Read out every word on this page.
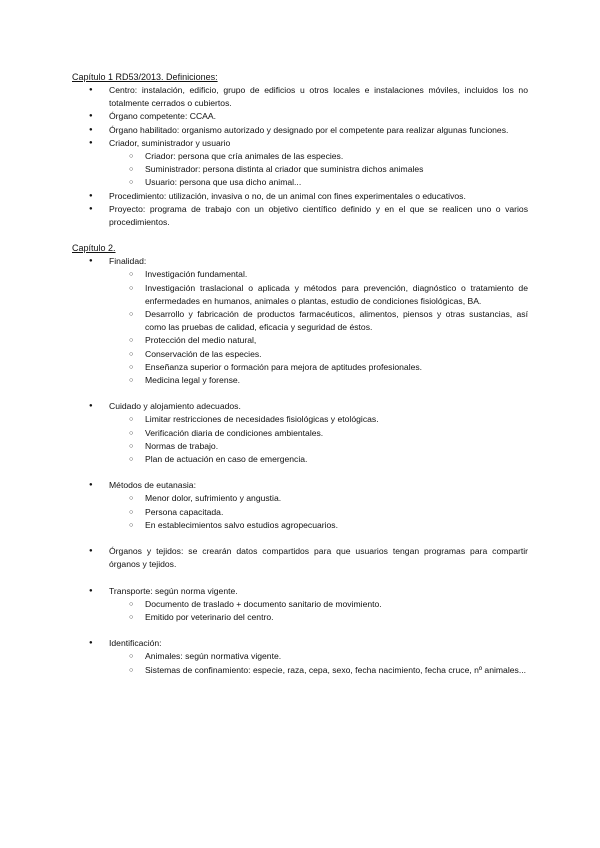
Capítulo 1 RD53/2013. Definiciones:

● Centro: instalación, edificio, grupo de edificios u otros locales e instalaciones móviles, incluidos los no totalmente cerrados o cubiertos.
● Órgano competente: CCAA.
● Órgano habilitado: organismo autorizado y designado por el competente para realizar algunas funciones.
● Criador, suministrador y usuario
○ Criador: persona que cría animales de las especies.
○ Suministrador: persona distinta al criador que suministra dichos animales
○ Usuario: persona que usa dicho animal...
● Procedimiento: utilización, invasiva o no, de un animal con fines experimentales o educativos.
● Proyecto: programa de trabajo con un objetivo científico definido y en el que se realicen uno o varios procedimientos.

Capítulo 2.

● Finalidad:
○ Investigación fundamental.
○ Investigación traslacional o aplicada y métodos para prevención, diagnóstico o tratamiento de enfermedades en humanos, animales o plantas, estudio de condiciones fisiológicas, BA.
○ Desarrollo y fabricación de productos farmacéuticos, alimentos, piensos y otras sustancias, así como las pruebas de calidad, eficacia y seguridad de éstos.
○ Protección del medio natural,
○ Conservación de las especies.
○ Enseñanza superior o formación para mejora de aptitudes profesionales.
○ Medicina legal y forense.
● Cuidado y alojamiento adecuados.
○ Limitar restricciones de necesidades fisiológicas y etológicas.
○ Verificación diaria de condiciones ambientales.
○ Normas de trabajo.
○ Plan de actuación en caso de emergencia.
● Métodos de eutanasia:
○ Menor dolor, sufrimiento y angustia.
○ Persona capacitada.
○ En establecimientos salvo estudios agropecuarios.
● Órganos y tejidos: se crearán datos compartidos para que usuarios tengan programas para compartir órganos y tejidos.
● Transporte: según norma vigente.
○ Documento de traslado + documento sanitario de movimiento.
○ Emitido por veterinario del centro.
● Identificación:
○ Animales: según normativa vigente.
○ Sistemas de confinamiento: especie, raza, cepa, sexo, fecha nacimiento, fecha cruce, nº animales...
